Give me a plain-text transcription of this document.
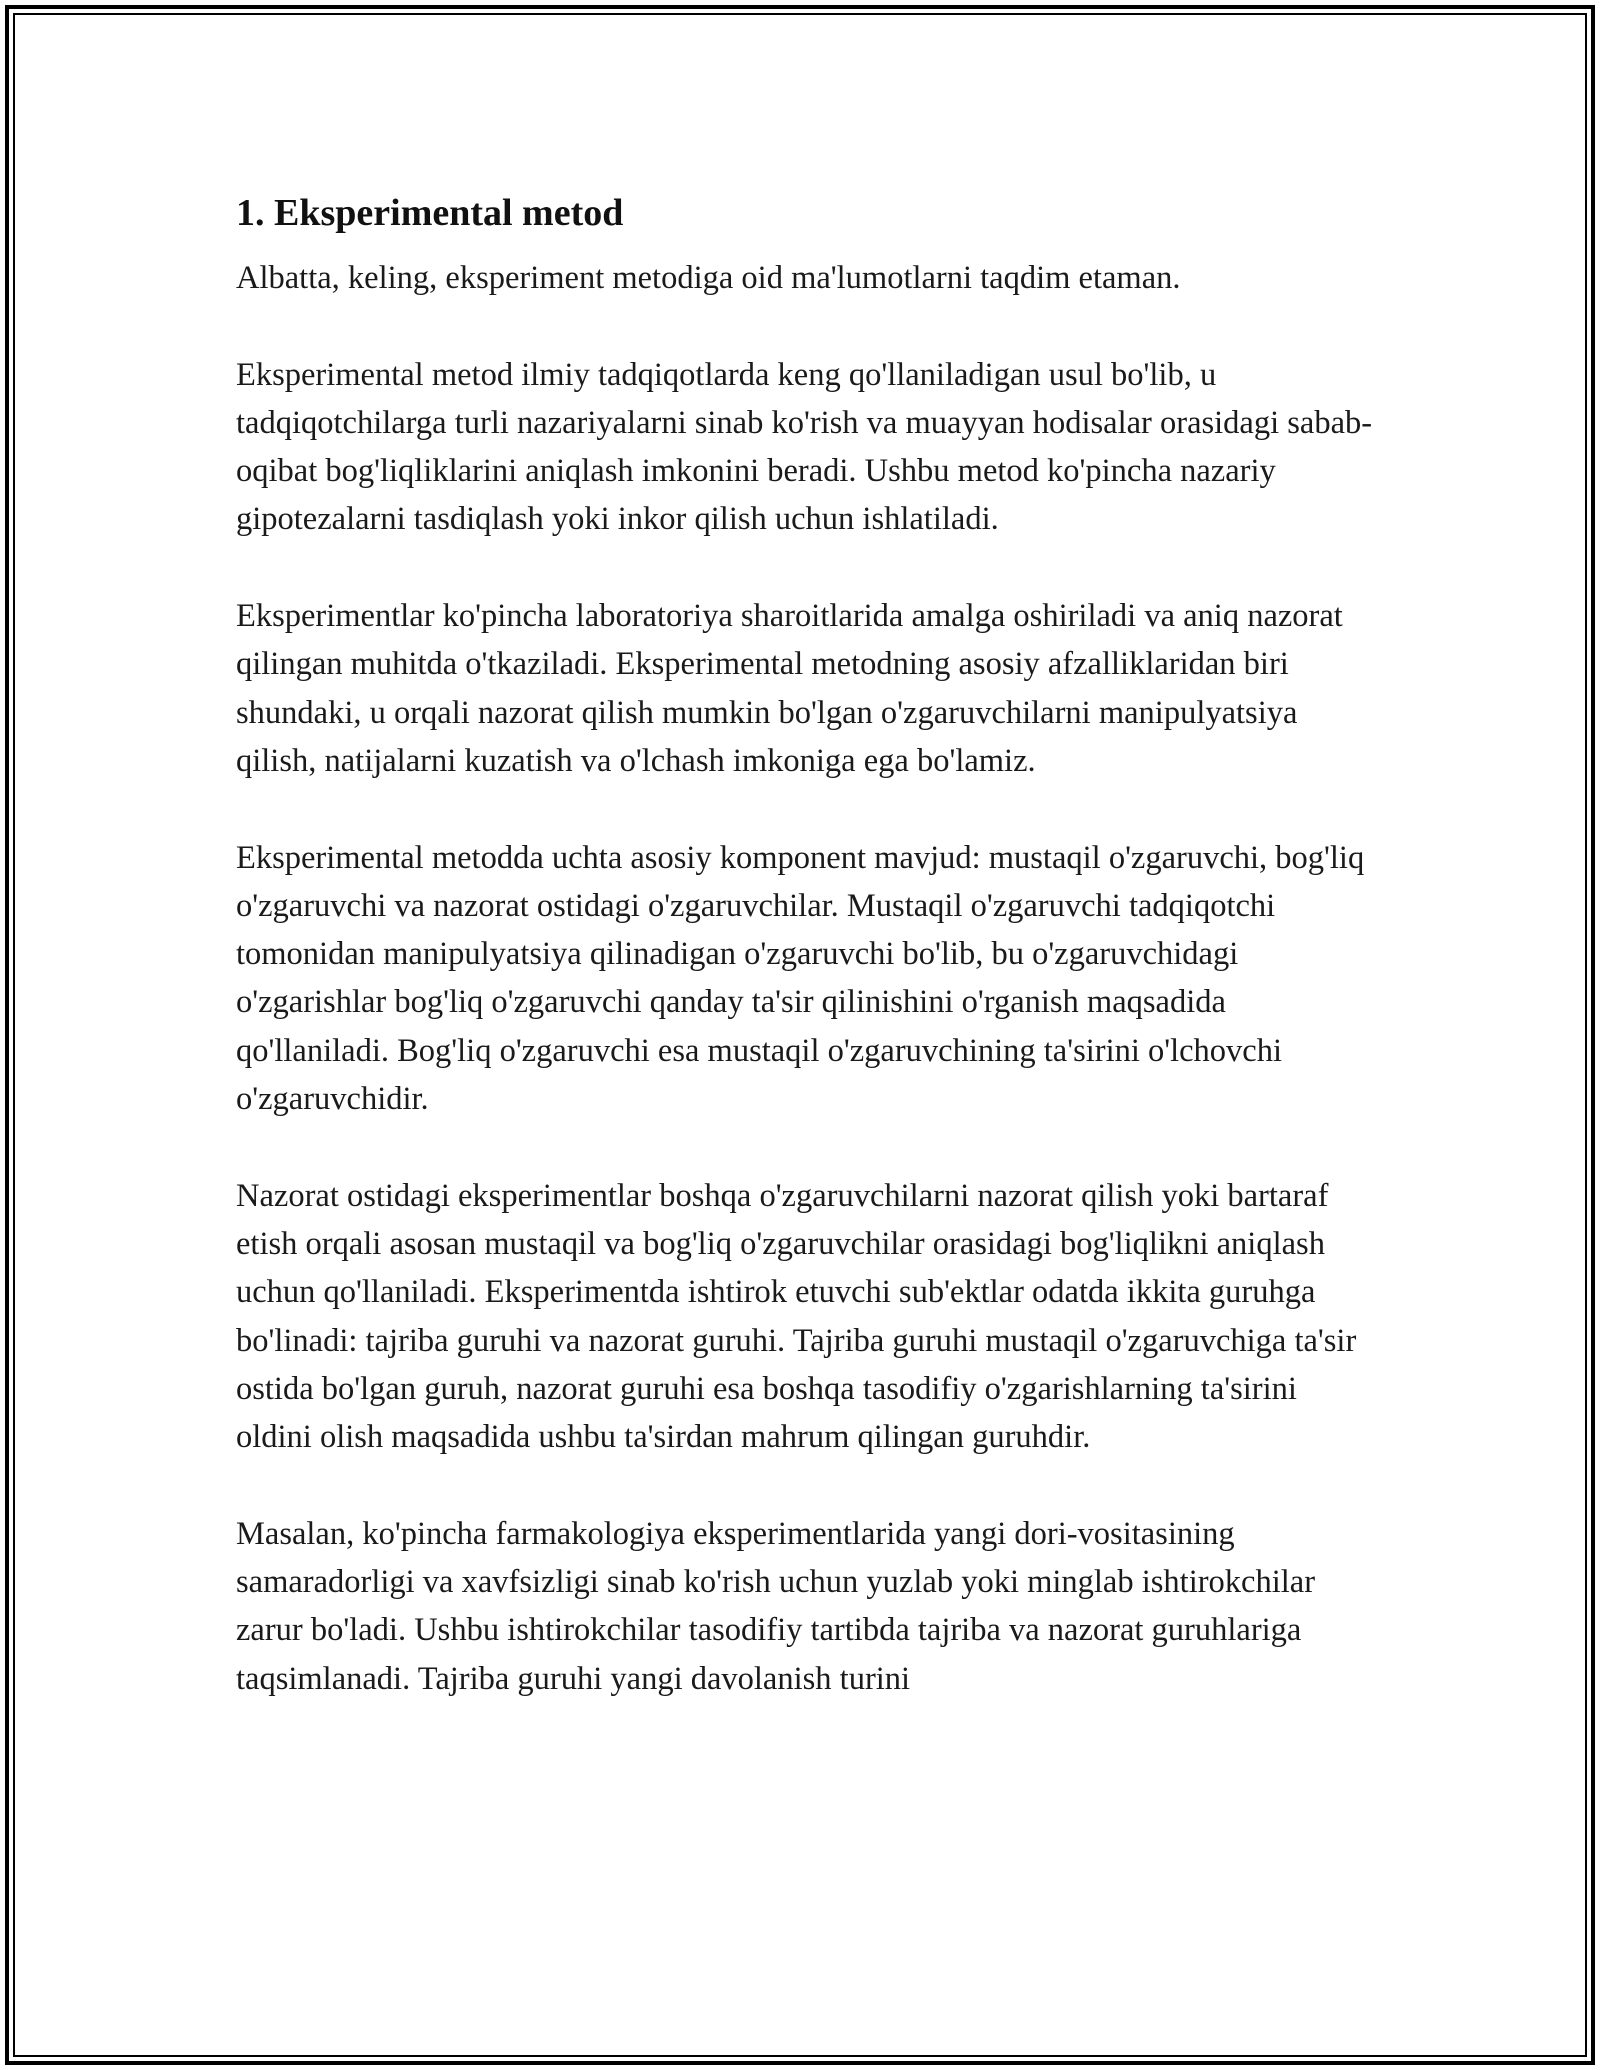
1. Eksperimental metod

Albatta, keling, eksperiment metodiga oid ma'lumotlarni taqdim etaman.

Eksperimental metod ilmiy tadqiqotlarda keng qo'llaniladigan usul bo'lib, u tadqiqotchilarga turli nazariyalarni sinab ko'rish va muayyan hodisalar orasidagi sabab-oqibat bog'liqliklarini aniqlash imkonini beradi. Ushbu metod ko'pincha nazariy gipotezalarni tasdiqlash yoki inkor qilish uchun ishlatiladi.

Eksperimentlar ko'pincha laboratoriya sharoitlarida amalga oshiriladi va aniq nazorat qilingan muhitda o'tkaziladi. Eksperimental metodning asosiy afzalliklaridan biri shundaki, u orqali nazorat qilish mumkin bo'lgan o'zgaruvchilarni manipulyatsiya qilish, natijalarni kuzatish va o'lchash imkoniga ega bo'lamiz.

Eksperimental metodda uchta asosiy komponent mavjud: mustaqil o'zgaruvchi, bog'liq o'zgaruvchi va nazorat ostidagi o'zgaruvchilar. Mustaqil o'zgaruvchi tadqiqotchi tomonidan manipulyatsiya qilinadigan o'zgaruvchi bo'lib, bu o'zgaruvchidagi o'zgarishlar bog'liq o'zgaruvchi qanday ta'sir qilinishini o'rganish maqsadida qo'llaniladi. Bog'liq o'zgaruvchi esa mustaqil o'zgaruvchining ta'sirini o'lchovchi o'zgaruvchidir.

Nazorat ostidagi eksperimentlar boshqa o'zgaruvchilarni nazorat qilish yoki bartaraf etish orqali asosan mustaqil va bog'liq o'zgaruvchilar orasidagi bog'liqlikni aniqlash uchun qo'llaniladi. Eksperimentda ishtirok etuvchi sub'ektlar odatda ikkita guruhga bo'linadi: tajriba guruhi va nazorat guruhi. Tajriba guruhi mustaqil o'zgaruvchiga ta'sir ostida bo'lgan guruh, nazorat guruhi esa boshqa tasodifiy o'zgarishlarning ta'sirini oldini olish maqsadida ushbu ta'sirdan mahrum qilingan guruhdir.

Masalan, ko'pincha farmakologiya eksperimentlarida yangi dori-vositasining samaradorligi va xavfsizligi sinab ko'rish uchun yuzlab yoki minglab ishtirokchilar zarur bo'ladi. Ushbu ishtirokchilar tasodifiy tartibda tajriba va nazorat guruhlariga taqsimlanadi. Tajriba guruhi yangi davolanish turini
